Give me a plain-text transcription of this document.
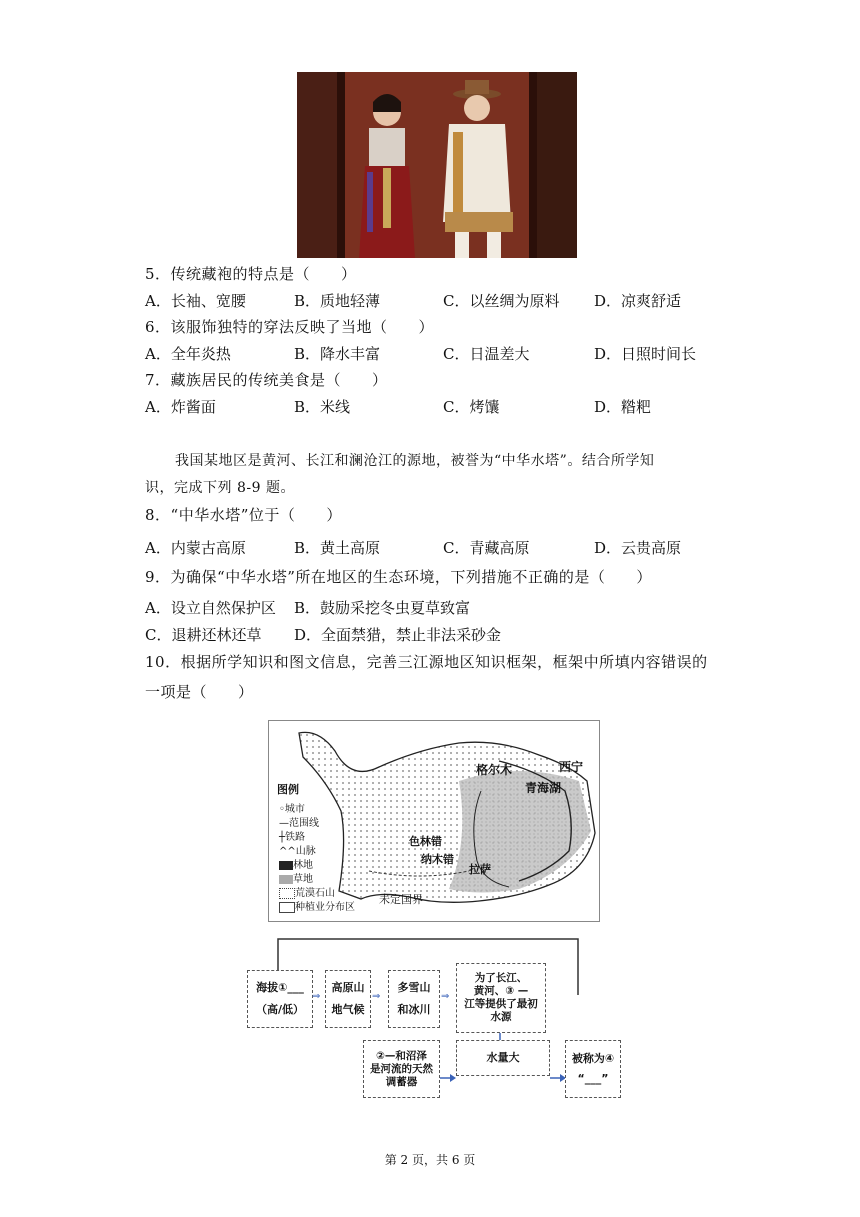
5．传统藏袍的特点是（　　）
A．长袖、宽腰	B．质地轻薄	C．以丝绸为原料 D．凉爽舒适
6．该服饰独特的穿法反映了当地（　　）
A．全年炎热	B．降水丰富	C．日温差大	D．日照时间长
7．藏族居民的传统美食是（　　）
A．炸酱面	B．米线	C．烤馕	D．糌粑
我国某地区是黄河、长江和澜沧江的源地，被誉为“中华水塔”。结合所学知
识，完成下列 8-9 题。
8．“中华水塔”位于（　　）
A．内蒙古高原	B．黄土高原	C．青藏高原	D．云贵高原
9．为确保“中华水塔”所在地区的生态环境，下列措施不正确的是（　　）
A．设立自然保护区 B．鼓励采挖冬虫夏草致富
C．退耕还林还草 D．全面禁猎，禁止非法采砂金
10．根据所学知识和图文信息，完善三江源地区知识框架，框架中所填内容错误的
一项是（　　）
图例
◦城市
—范围线
┼铁路
^^山脉
林地
草地
荒漠石山
种植业分布区
未定国界
格尔木	西宁
青海湖
色林错
纳木错
拉萨
海拔①___
（高/低）
⇒
高原山
地气候
⇒
多雪山
和冰川
⇒
为了长江、
黄河、③ —
江等提供了最初
水源
②—和沼泽
是河流的天然
调蓄器
水量大	被称为④
“___”
第 2 页，共 6 页
